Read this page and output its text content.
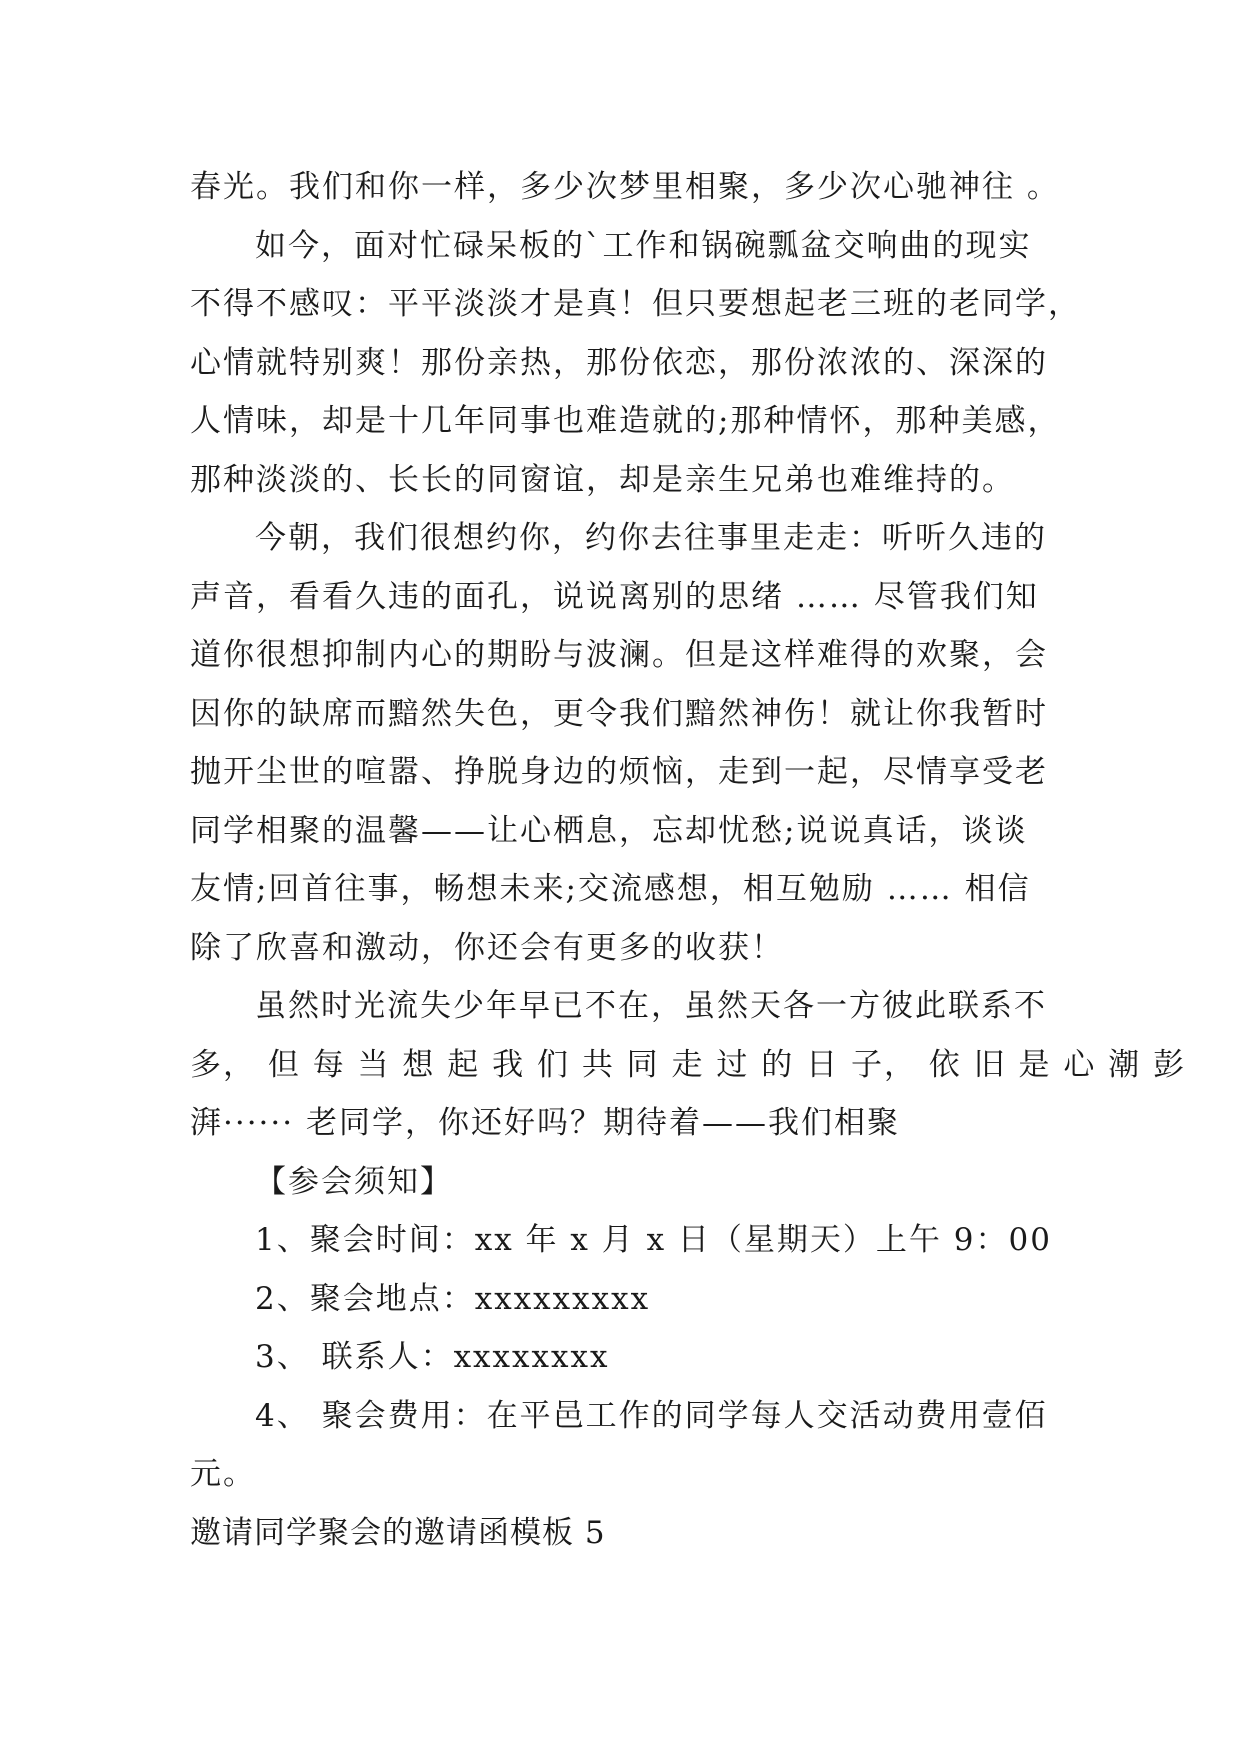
春光。我们和你一样，多少次梦里相聚，多少次心驰神往 。
如今，面对忙碌呆板的`工作和锅碗瓢盆交响曲的现实
不得不感叹：平平淡淡才是真！但只要想起老三班的老同学，
心情就特别爽！那份亲热，那份依恋，那份浓浓的、深深的
人情味，却是十几年同事也难造就的;那种情怀，那种美感，
那种淡淡的、长长的同窗谊，却是亲生兄弟也难维持的。
今朝，我们很想约你，约你去往事里走走：听听久违的
声音，看看久违的面孔，说说离别的思绪 …… 尽管我们知
道你很想抑制内心的期盼与波澜。但是这样难得的欢聚，会
因你的缺席而黯然失色，更令我们黯然神伤！就让你我暂时
抛开尘世的喧嚣、挣脱身边的烦恼，走到一起，尽情享受老
同学相聚的温馨——让心栖息，忘却忧愁;说说真话，谈谈
友情;回首往事，畅想未来;交流感想，相互勉励 …… 相信
除了欣喜和激动，你还会有更多的收获！
虽然时光流失少年早已不在，虽然天各一方彼此联系不
多， 但 每 当 想 起 我 们 共 同 走 过 的 日 子， 依 旧 是 心 潮 彭
湃······ 老同学，你还好吗？期待着——我们相聚
【参会须知】
1、聚会时间：xx 年 x 月 x 日（星期天）上午 9：00
2、聚会地点：xxxxxxxxx
3、 联系人：xxxxxxxx
4、 聚会费用：在平邑工作的同学每人交活动费用壹佰
元。
邀请同学聚会的邀请函模板 5
